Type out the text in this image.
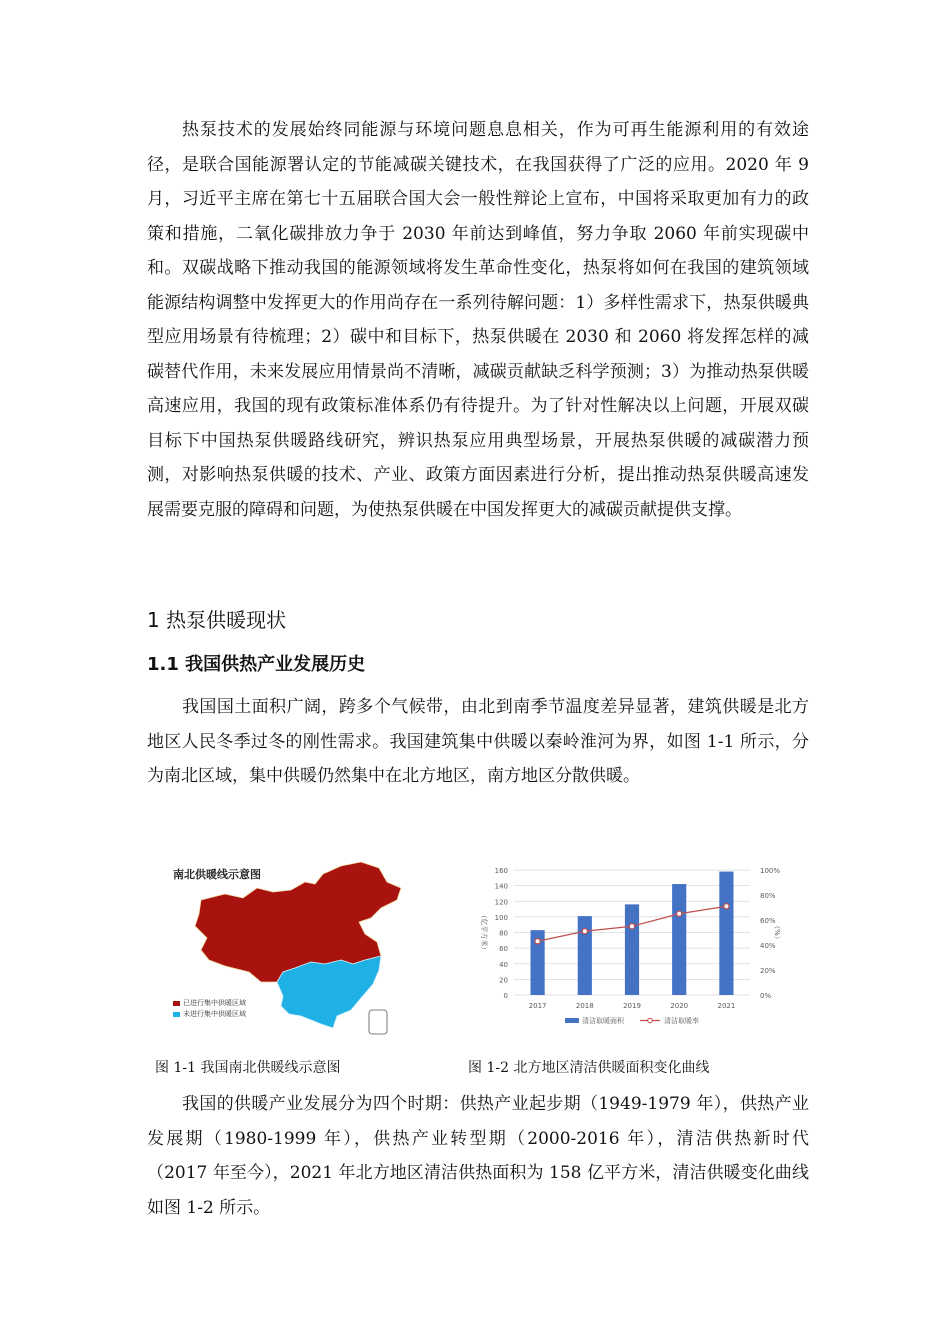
热泵技术的发展始终同能源与环境问题息息相关，作为可再生能源利用的有效途径，是联合国能源署认定的节能减碳关键技术，在我国获得了广泛的应用。2020 年 9 月，习近平主席在第七十五届联合国大会一般性辩论上宣布，中国将采取更加有力的政策和措施，二氧化碳排放力争于 2030 年前达到峰值，努力争取 2060 年前实现碳中和。双碳战略下推动我国的能源领域将发生革命性变化，热泵将如何在我国的建筑领域能源结构调整中发挥更大的作用尚存在一系列待解问题：1）多样性需求下，热泵供暖典型应用场景有待梳理；2）碳中和目标下，热泵供暖在 2030 和 2060 将发挥怎样的减碳替代作用，未来发展应用情景尚不清晰，减碳贡献缺乏科学预测；3）为推动热泵供暖高速应用，我国的现有政策标准体系仍有待提升。为了针对性解决以上问题，开展双碳目标下中国热泵供暖路线研究，辨识热泵应用典型场景，开展热泵供暖的减碳潜力预测，对影响热泵供暖的技术、产业、政策方面因素进行分析，提出推动热泵供暖高速发展需要克服的障碍和问题，为使热泵供暖在中国发挥更大的减碳贡献提供支撑。

1 热泵供暖现状
1.1 我国供热产业发展历史

我国国土面积广阔，跨多个气候带，由北到南季节温度差异显著，建筑供暖是北方地区人民冬季过冬的刚性需求。我国建筑集中供暖以秦岭淮河为界，如图 1-1 所示，分为南北区域，集中供暖仍然集中在北方地区，南方地区分散供暖。

南北供暖线示意图
已进行集中供暖区域
未进行集中供暖区域
0
20
40
60
80
100
120
140
160
0%
20%
40%
60%
80%
100%
（亿平方米）	（%）
2017	2018	2019	2020	2021
清洁取暖面积	清洁取暖率
图 1-1 我国南北供暖线示意图	图 1-2 北方地区清洁供暖面积变化曲线

我国的供暖产业发展分为四个时期：供热产业起步期（1949-1979 年），供热产业发展期（1980-1999 年），供热产业转型期（2000-2016 年），清洁供热新时代（2017 年至今），2021 年北方地区清洁供热面积为 158 亿平方米，清洁供暖变化曲线如图 1-2 所示。
